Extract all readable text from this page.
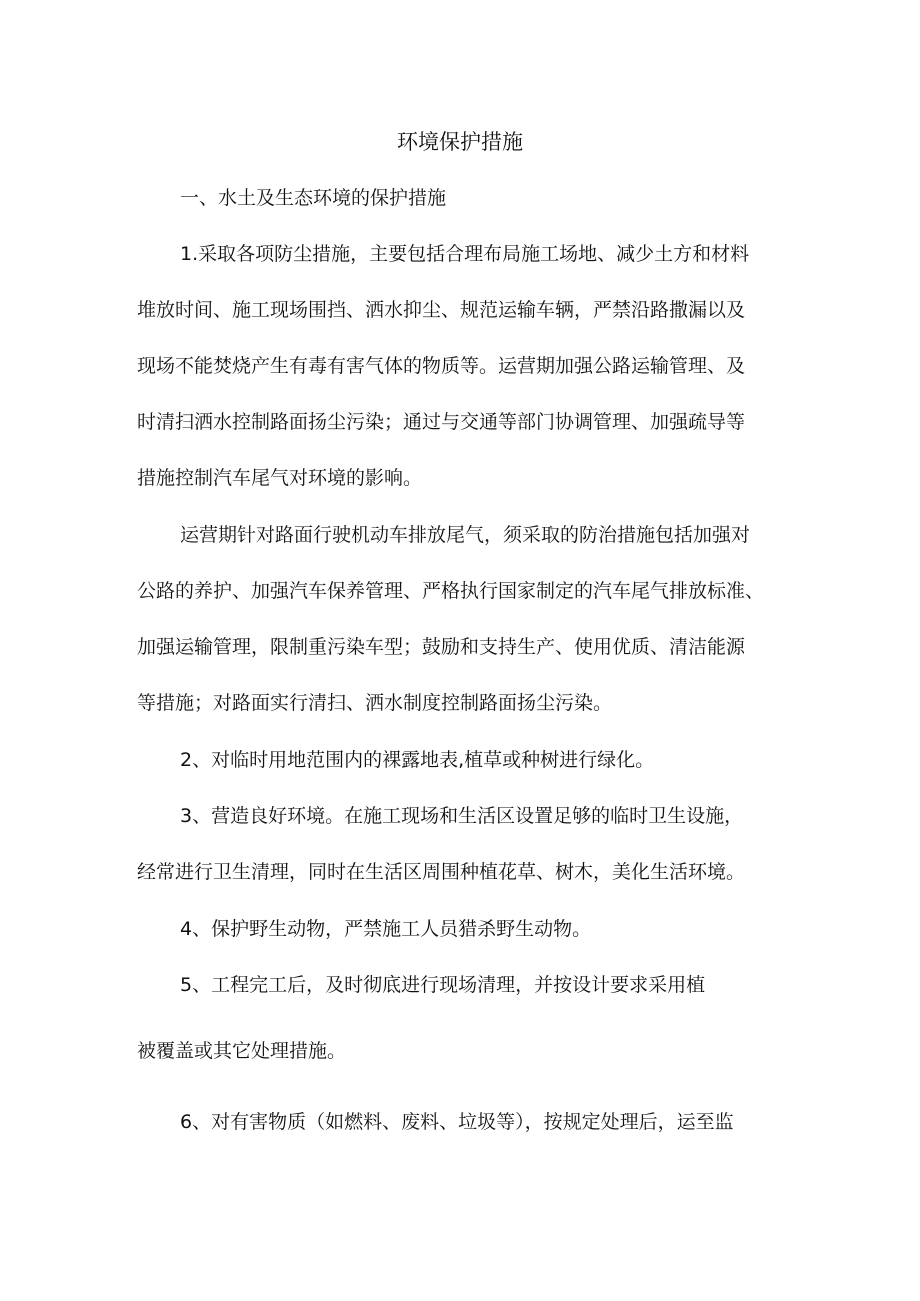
环境保护措施
一、水土及生态环境的保护措施
1.采取各项防尘措施，主要包括合理布局施工场地、减少土方和材料
堆放时间、施工现场围挡、洒水抑尘、规范运输车辆，严禁沿路撒漏以及
现场不能焚烧产生有毒有害气体的物质等。运营期加强公路运输管理、及
时清扫洒水控制路面扬尘污染；通过与交通等部门协调管理、加强疏导等
措施控制汽车尾气对环境的影响。
运营期针对路面行驶机动车排放尾气，须采取的防治措施包括加强对
公路的养护、加强汽车保养管理、严格执行国家制定的汽车尾气排放标准、
加强运输管理，限制重污染车型；鼓励和支持生产、使用优质、清洁能源
等措施；对路面实行清扫、洒水制度控制路面扬尘污染。
2、对临时用地范围内的裸露地表,植草或种树进行绿化。
3、营造良好环境。在施工现场和生活区设置足够的临时卫生设施，
经常进行卫生清理，同时在生活区周围种植花草、树木，美化生活环境。
4、保护野生动物，严禁施工人员猎杀野生动物。
5、工程完工后，及时彻底进行现场清理，并按设计要求采用植
被覆盖或其它处理措施。
6、对有害物质（如燃料、废料、垃圾等），按规定处理后，运至监
